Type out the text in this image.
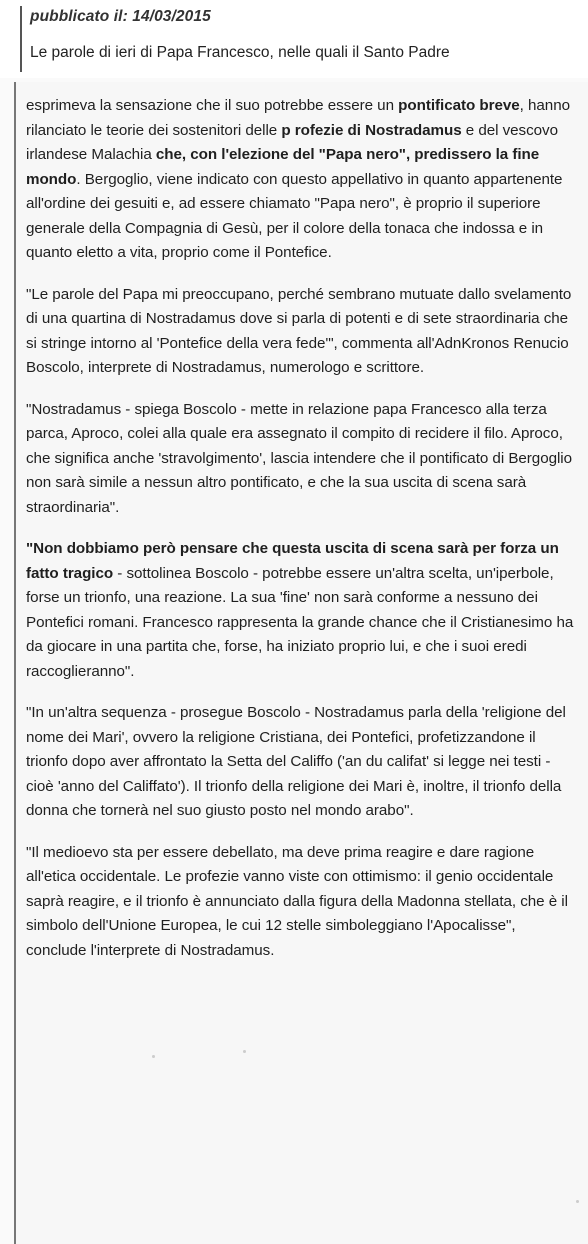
pubblicato il: 14/03/2015
Le parole di ieri di Papa Francesco, nelle quali il Santo Padre

esprimeva la sensazione che il suo potrebbe essere un pontificato breve, hanno rilanciato le teorie dei sostenitori delle p rofezie di Nostradamus e del vescovo irlandese Malachia che, con l'elezione del "Papa nero", predissero la fine mondo. Bergoglio, viene indicato con questo appellativo in quanto appartenente all'ordine dei gesuiti e, ad essere chiamato "Papa nero", è proprio il superiore generale della Compagnia di Gesù, per il colore della tonaca che indossa e in quanto eletto a vita, proprio come il Pontefice.

"Le parole del Papa mi preoccupano, perché sembrano mutuate dallo svelamento di una quartina di Nostradamus dove si parla di potenti e di sete straordinaria che si stringe intorno al 'Pontefice della vera fede'", commenta all'AdnKronos Renucio Boscolo, interprete di Nostradamus, numerologo e scrittore.

"Nostradamus - spiega Boscolo - mette in relazione papa Francesco alla terza parca, Aproco, colei alla quale era assegnato il compito di recidere il filo. Aproco, che significa anche 'stravolgimento', lascia intendere che il pontificato di Bergoglio non sarà simile a nessun altro pontificato, e che la sua uscita di scena sarà straordinaria".

"Non dobbiamo però pensare che questa uscita di scena sarà per forza un fatto tragico - sottolinea Boscolo - potrebbe essere un'altra scelta, un'iperbole, forse un trionfo, una reazione. La sua 'fine' non sarà conforme a nessuno dei Pontefici romani. Francesco rappresenta la grande chance che il Cristianesimo ha da giocare in una partita che, forse, ha iniziato proprio lui, e che i suoi eredi raccoglieranno".

"In un'altra sequenza - prosegue Boscolo - Nostradamus parla della 'religione del nome dei Mari', ovvero la religione Cristiana, dei Pontefici, profetizzandone il trionfo dopo aver affrontato la Setta del Califfo ('an du califat' si legge nei testi - cioè 'anno del Califfato'). Il trionfo della religione dei Mari è, inoltre, il trionfo della donna che tornerà nel suo giusto posto nel mondo arabo".

"Il medioevo sta per essere debellato, ma deve prima reagire e dare ragione all'etica occidentale. Le profezie vanno viste con ottimismo: il genio occidentale saprà reagire, e il trionfo è annunciato dalla figura della Madonna stellata, che è il simbolo dell'Unione Europea, le cui 12 stelle simboleggiano l'Apocalisse", conclude l'interprete di Nostradamus.
